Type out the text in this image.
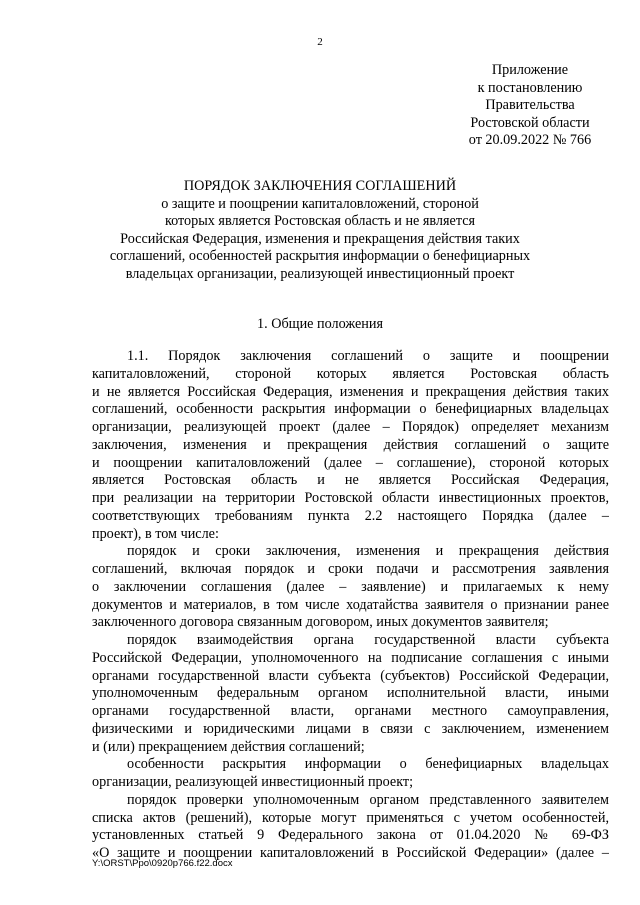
2
Приложение
к постановлению
Правительства
Ростовской области
от 20.09.2022 № 766
ПОРЯДОК ЗАКЛЮЧЕНИЯ СОГЛАШЕНИЙ
о защите и поощрении капиталовложений, стороной
которых является Ростовская область и не является
Российская Федерация, изменения и прекращения действия таких
соглашений, особенностей раскрытия информации о бенефициарных
владельцах организации, реализующей инвестиционный проект
1. Общие положения
1.1. Порядок заключения соглашений о защите и поощрении
капиталовложений, стороной которых является Ростовская область
и не является Российская Федерация, изменения и прекращения действия таких
соглашений, особенности раскрытия информации о бенефициарных владельцах
организации, реализующей проект (далее – Порядок) определяет механизм
заключения, изменения и прекращения действия соглашений о защите
и поощрении капиталовложений (далее – соглашение), стороной которых
является Ростовская область и не является Российская Федерация,
при реализации на территории Ростовской области инвестиционных проектов,
соответствующих требованиям пункта 2.2 настоящего Порядка (далее –
проект), в том числе:
порядок и сроки заключения, изменения и прекращения действия
соглашений, включая порядок и сроки подачи и рассмотрения заявления
о заключении соглашения (далее – заявление) и прилагаемых к нему
документов и материалов, в том числе ходатайства заявителя о признании ранее
заключенного договора связанным договором, иных документов заявителя;
порядок взаимодействия органа государственной власти субъекта
Российской Федерации, уполномоченного на подписание соглашения с иными
органами государственной власти субъекта (субъектов) Российской Федерации,
уполномоченным федеральным органом исполнительной власти, иными
органами государственной власти, органами местного самоуправления,
физическими и юридическими лицами в связи с заключением, изменением
и (или) прекращением действия соглашений;
особенности раскрытия информации о бенефициарных владельцах
организации, реализующей инвестиционный проект;
порядок проверки уполномоченным органом представленного заявителем
списка актов (решений), которые могут применяться с учетом особенностей,
установленных статьей 9 Федерального закона от 01.04.2020 № 69-ФЗ
«О защите и поощрении капиталовложений в Российской Федерации» (далее –
Y:\ORST\Ppo\0920p766.f22.docx
